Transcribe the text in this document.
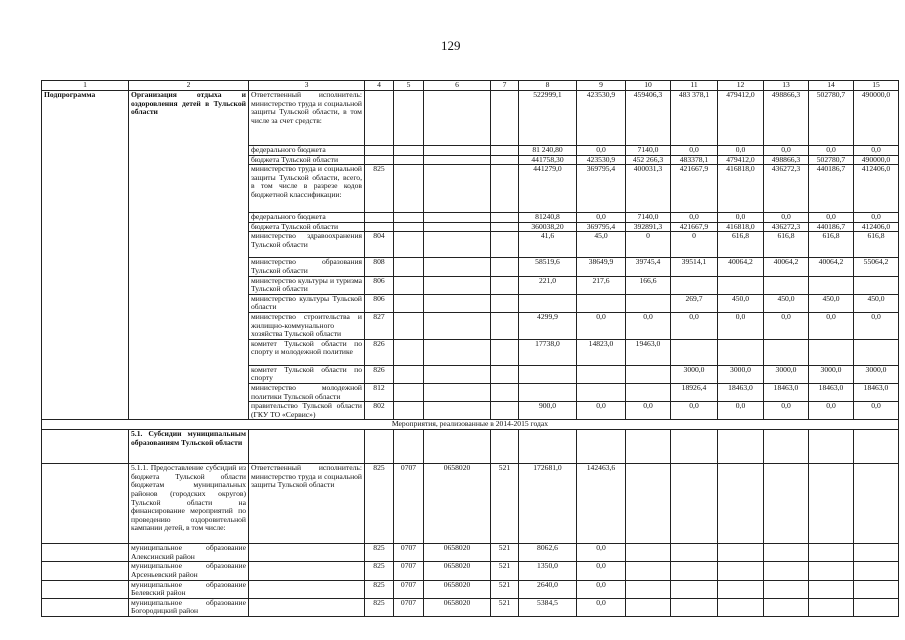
129
1	2	3	4	5	6	7	8	9	10	11	12	13	14	15
Подпрограмма	Организация отдыха и оздоровления детей в Тульской области	Ответственный исполнитель: министерство труда и социальной защиты Тульской области, в том числе за счет средств:					522999,1	423530,9	459406,3	483 378,1	479412,0	498866,3	502780,7	490000,0
		федерального бюджета					81 240,80	0,0	7140,0	0,0	0,0	0,0	0,0	0,0
		бюджета Тульской области					441758,30	423530,9	452 266,3	483378,1	479412,0	498866,3	502780,7	490000,0
		министерство труда и социальной защиты Тульской области, всего, в том числе в разрезе кодов бюджетной классификации:	825				441279,0	369795,4	400031,3	421667,9	416818,0	436272,3	440186,7	412406,0
		федерального бюджета					81240,8	0,0	7140,0	0,0	0,0	0,0	0,0	0,0
		бюджета Тульской области					360038,20	369795,4	392891,3	421667,9	416818,0	436272,3	440186,7	412406,0
		министерство здравоохранения Тульской области	804				41,6	45,0	0	0	616,8	616,8	616,8	616,8
		министерство образования Тульской области	808				58519,6	38649,9	39745,4	39514,1	40064,2	40064,2	40064,2	55064,2
		министерство культуры и туризма Тульской области	806				221,0	217,6	166,6					
		министерство культуры Тульской области	806							269,7	450,0	450,0	450,0	450,0
		министерство строительства и жилищно-коммунального хозяйства Тульской области	827				4299,9	0,0	0,0	0,0	0,0	0,0	0,0	0,0
		комитет Тульской области по спорту и молодежной политике	826				17738,0	14823,0	19463,0					
		комитет Тульской области по спорту	826							3000,0	3000,0	3000,0	3000,0	3000,0
		министерство молодежной политики Тульской области	812							18926,4	18463,0	18463,0	18463,0	18463,0
		правительство Тульской области (ГКУ ТО «Сервис»)	802				900,0	0,0	0,0	0,0	0,0	0,0	0,0	0,0
Мероприятия, реализованные в 2014-2015 годах														
	5.1. Субсидии муниципальным образованиям Тульской области													
	5.1.1. Предоставление субсидий из бюджета Тульской области бюджетам муниципальных районов (городских округов) Тульской области на финансирование мероприятий по проведению оздоровительной кампании детей, в том числе:	Ответственный исполнитель: министерство труда и социальной защиты Тульской области	825	0707	0658020	521	172681,0	142463,6						
	муниципальное образование Алексинский район		825	0707	0658020	521	8062,6	0,0						
	муниципальное образование Арсеньевский район		825	0707	0658020	521	1350,0	0,0						
	муниципальное образование Белевский район		825	0707	0658020	521	2640,0	0,0						
	муниципальное образование Богородицкий район		825	0707	0658020	521	5384,5	0,0						
